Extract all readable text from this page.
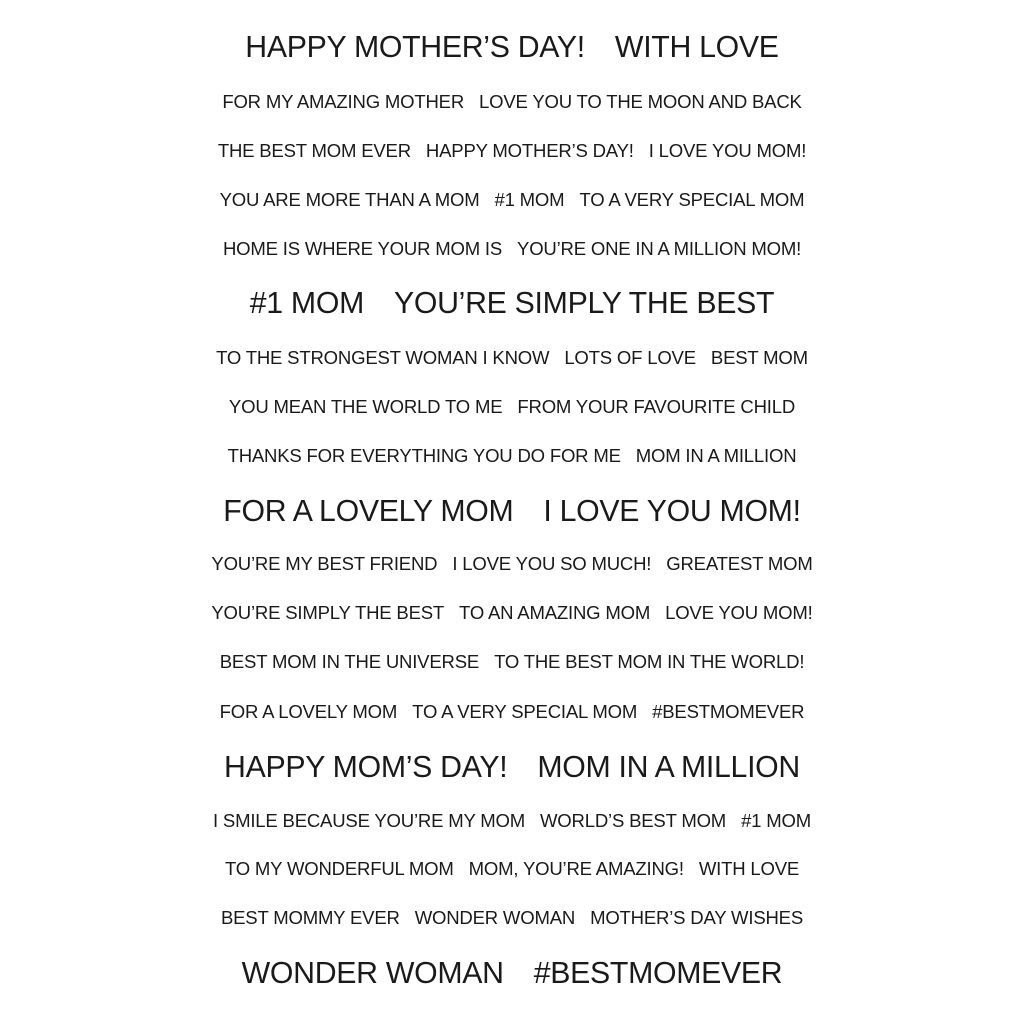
HAPPY MOTHER’S DAY! WITH LOVE
FOR MY AMAZING MOTHER LOVE YOU TO THE MOON AND BACK
THE BEST MOM EVER HAPPY MOTHER’S DAY! I LOVE YOU MOM!
YOU ARE MORE THAN A MOM #1 MOM TO A VERY SPECIAL MOM
HOME IS WHERE YOUR MOM IS YOU’RE ONE IN A MILLION MOM!
#1 MOM YOU’RE SIMPLY THE BEST
TO THE STRONGEST WOMAN I KNOW LOTS OF LOVE BEST MOM
YOU MEAN THE WORLD TO ME FROM YOUR FAVOURITE CHILD
THANKS FOR EVERYTHING YOU DO FOR ME MOM IN A MILLION
FOR A LOVELY MOM I LOVE YOU MOM!
YOU’RE MY BEST FRIEND I LOVE YOU SO MUCH! GREATEST MOM
YOU’RE SIMPLY THE BEST TO AN AMAZING MOM LOVE YOU MOM!
BEST MOM IN THE UNIVERSE TO THE BEST MOM IN THE WORLD!
FOR A LOVELY MOM TO A VERY SPECIAL MOM #BESTMOMEVER
HAPPY MOM’S DAY! MOM IN A MILLION
I SMILE BECAUSE YOU’RE MY MOM WORLD’S BEST MOM #1 MOM
TO MY WONDERFUL MOM MOM, YOU’RE AMAZING! WITH LOVE
BEST MOMMY EVER WONDER WOMAN MOTHER’S DAY WISHES
WONDER WOMAN #BESTMOMEVER
